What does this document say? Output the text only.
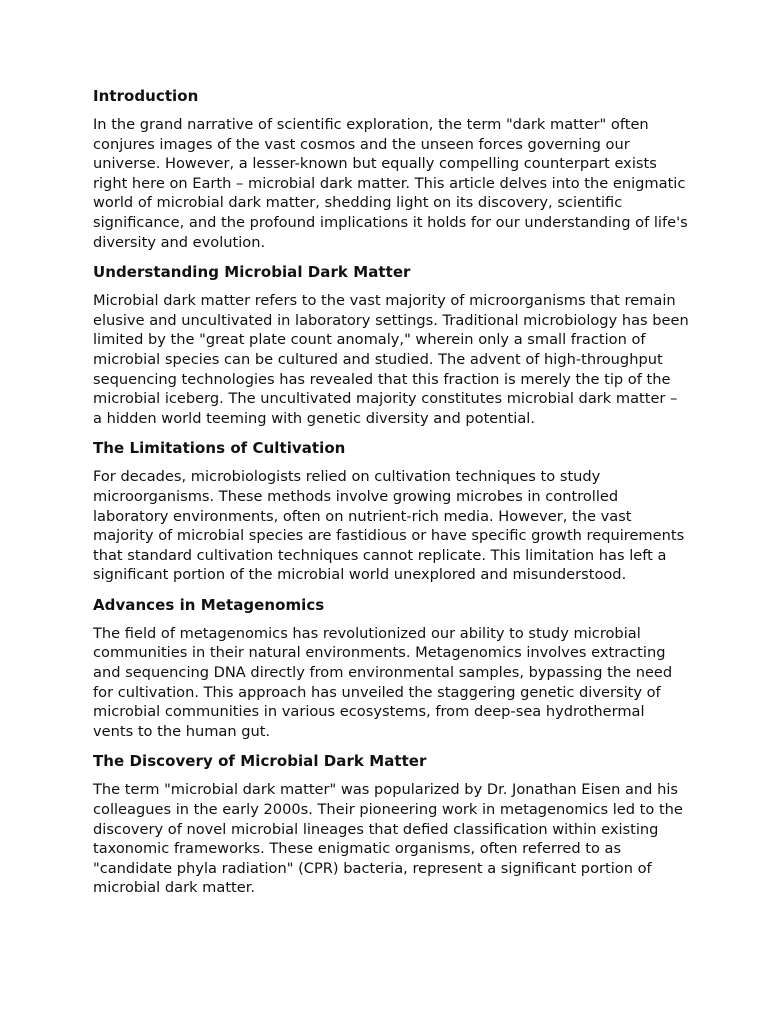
Introduction

In the grand narrative of scientific exploration, the term "dark matter" often conjures images of the vast cosmos and the unseen forces governing our universe. However, a lesser-known but equally compelling counterpart exists right here on Earth – microbial dark matter. This article delves into the enigmatic world of microbial dark matter, shedding light on its discovery, scientific significance, and the profound implications it holds for our understanding of life's diversity and evolution.

Understanding Microbial Dark Matter

Microbial dark matter refers to the vast majority of microorganisms that remain elusive and uncultivated in laboratory settings. Traditional microbiology has been limited by the "great plate count anomaly," wherein only a small fraction of microbial species can be cultured and studied. The advent of high-throughput sequencing technologies has revealed that this fraction is merely the tip of the microbial iceberg. The uncultivated majority constitutes microbial dark matter – a hidden world teeming with genetic diversity and potential.

The Limitations of Cultivation

For decades, microbiologists relied on cultivation techniques to study microorganisms. These methods involve growing microbes in controlled laboratory environments, often on nutrient-rich media. However, the vast majority of microbial species are fastidious or have specific growth requirements that standard cultivation techniques cannot replicate. This limitation has left a significant portion of the microbial world unexplored and misunderstood.

Advances in Metagenomics

The field of metagenomics has revolutionized our ability to study microbial communities in their natural environments. Metagenomics involves extracting and sequencing DNA directly from environmental samples, bypassing the need for cultivation. This approach has unveiled the staggering genetic diversity of microbial communities in various ecosystems, from deep-sea hydrothermal vents to the human gut.

The Discovery of Microbial Dark Matter

The term "microbial dark matter" was popularized by Dr. Jonathan Eisen and his colleagues in the early 2000s. Their pioneering work in metagenomics led to the discovery of novel microbial lineages that defied classification within existing taxonomic frameworks. These enigmatic organisms, often referred to as "candidate phyla radiation" (CPR) bacteria, represent a significant portion of microbial dark matter.
